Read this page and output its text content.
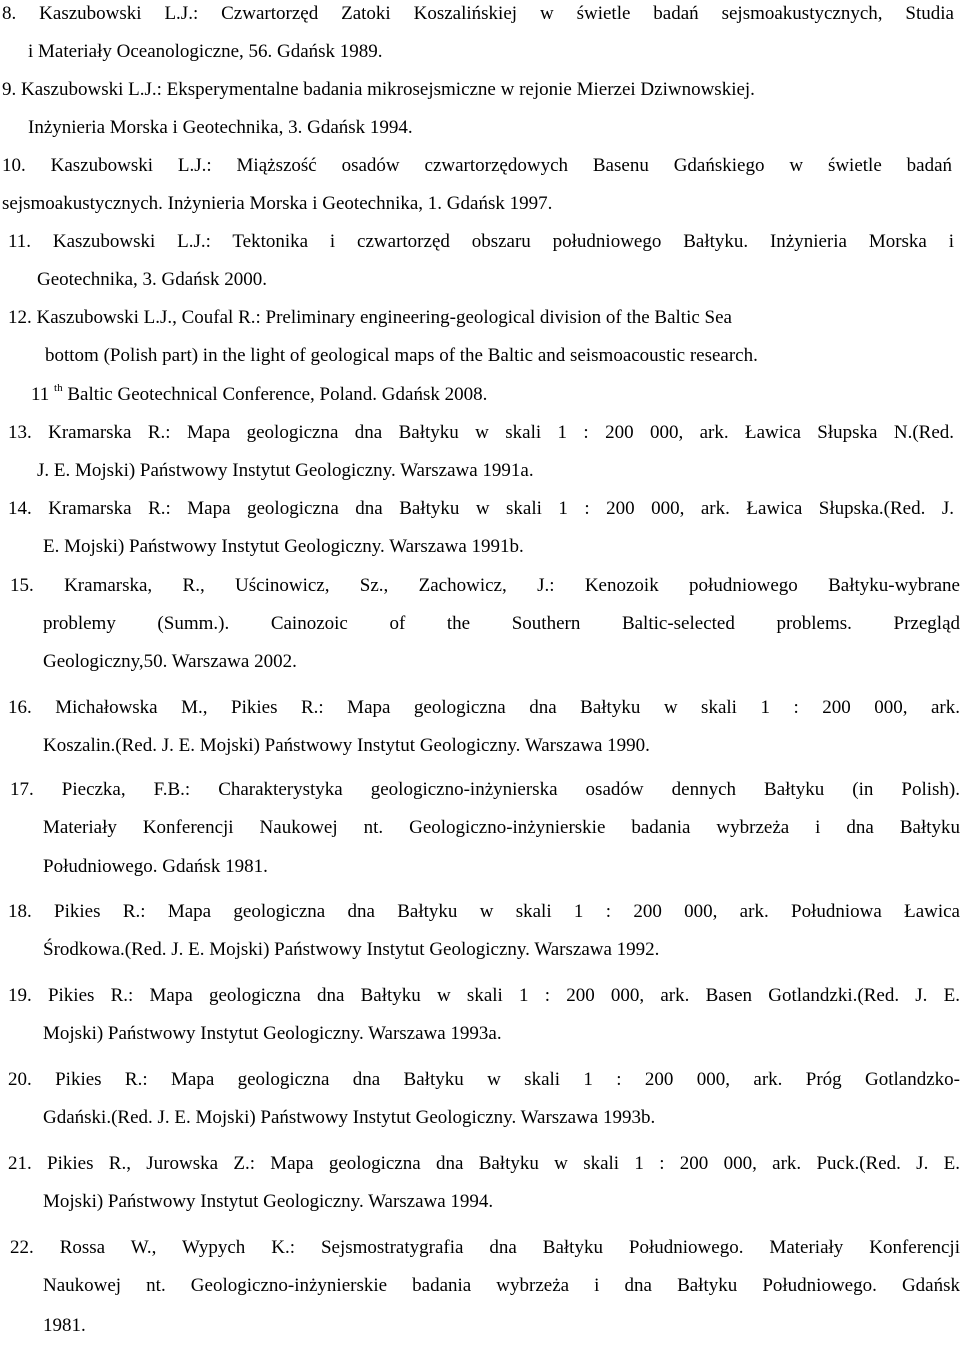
8. Kaszubowski L.J.: Czwartorzęd Zatoki Koszalińskiej w świetle badań sejsmoakustycznych, Studia
i Materiały Oceanologiczne, 56. Gdańsk 1989.
9. Kaszubowski L.J.: Eksperymentalne badania mikrosejsmiczne w rejonie Mierzei Dziwnowskiej.
Inżynieria Morska i Geotechnika, 3. Gdańsk 1994.
10. Kaszubowski L.J.: Miąższość osadów czwartorzędowych Basenu Gdańskiego w świetle badań
sejsmoakustycznych. Inżynieria Morska i Geotechnika, 1. Gdańsk 1997.
11. Kaszubowski L.J.: Tektonika i czwartorzęd obszaru południowego Bałtyku. Inżynieria Morska i
Geotechnika, 3. Gdańsk 2000.
12. Kaszubowski L.J., Coufal R.: Preliminary engineering-geological division of the Baltic Sea
bottom (Polish part) in the light of geological maps of the Baltic and seismoacoustic research.
11 $^{th}$ Baltic Geotechnical Conference, Poland. Gdańsk 2008.
13. Kramarska R.: Mapa geologiczna dna Bałtyku w skali 1 : 200 000, ark. Ławica Słupska N.(Red.
J. E. Mojski) Państwowy Instytut Geologiczny. Warszawa 1991a.
14. Kramarska R.: Mapa geologiczna dna Bałtyku w skali 1 : 200 000, ark. Ławica Słupska.(Red. J.
E. Mojski) Państwowy Instytut Geologiczny. Warszawa 1991b.
15. Kramarska, R., Uścinowicz, Sz., Zachowicz, J.: Kenozoik południowego Bałtyku-wybrane
problemy (Summ.). Cainozoic of the Southern Baltic-selected problems. Przegląd
Geologiczny,50. Warszawa 2002.
16. Michałowska M., Pikies R.: Mapa geologiczna dna Bałtyku w skali 1 : 200 000, ark.
Koszalin.(Red. J. E. Mojski) Państwowy Instytut Geologiczny. Warszawa 1990.
17. Pieczka, F.B.: Charakterystyka geologiczno-inżynierska osadów dennych Bałtyku (in Polish).
Materiały Konferencji Naukowej nt. Geologiczno-inżynierskie badania wybrzeża i dna Bałtyku
Południowego. Gdańsk 1981.
18. Pikies R.: Mapa geologiczna dna Bałtyku w skali 1 : 200 000, ark. Południowa Ławica
Środkowa.(Red. J. E. Mojski) Państwowy Instytut Geologiczny. Warszawa 1992.
19. Pikies R.: Mapa geologiczna dna Bałtyku w skali 1 : 200 000, ark. Basen Gotlandzki.(Red. J. E.
Mojski) Państwowy Instytut Geologiczny. Warszawa 1993a.
20. Pikies R.: Mapa geologiczna dna Bałtyku w skali 1 : 200 000, ark. Próg Gotlandzko-
Gdański.(Red. J. E. Mojski) Państwowy Instytut Geologiczny. Warszawa 1993b.
21. Pikies R., Jurowska Z.: Mapa geologiczna dna Bałtyku w skali 1 : 200 000, ark. Puck.(Red. J. E.
Mojski) Państwowy Instytut Geologiczny. Warszawa 1994.
22. Rossa W., Wypych K.: Sejsmostratygrafia dna Bałtyku Południowego. Materiały Konferencji
Naukowej nt. Geologiczno-inżynierskie badania wybrzeża i dna Bałtyku Południowego. Gdańsk
1981.
